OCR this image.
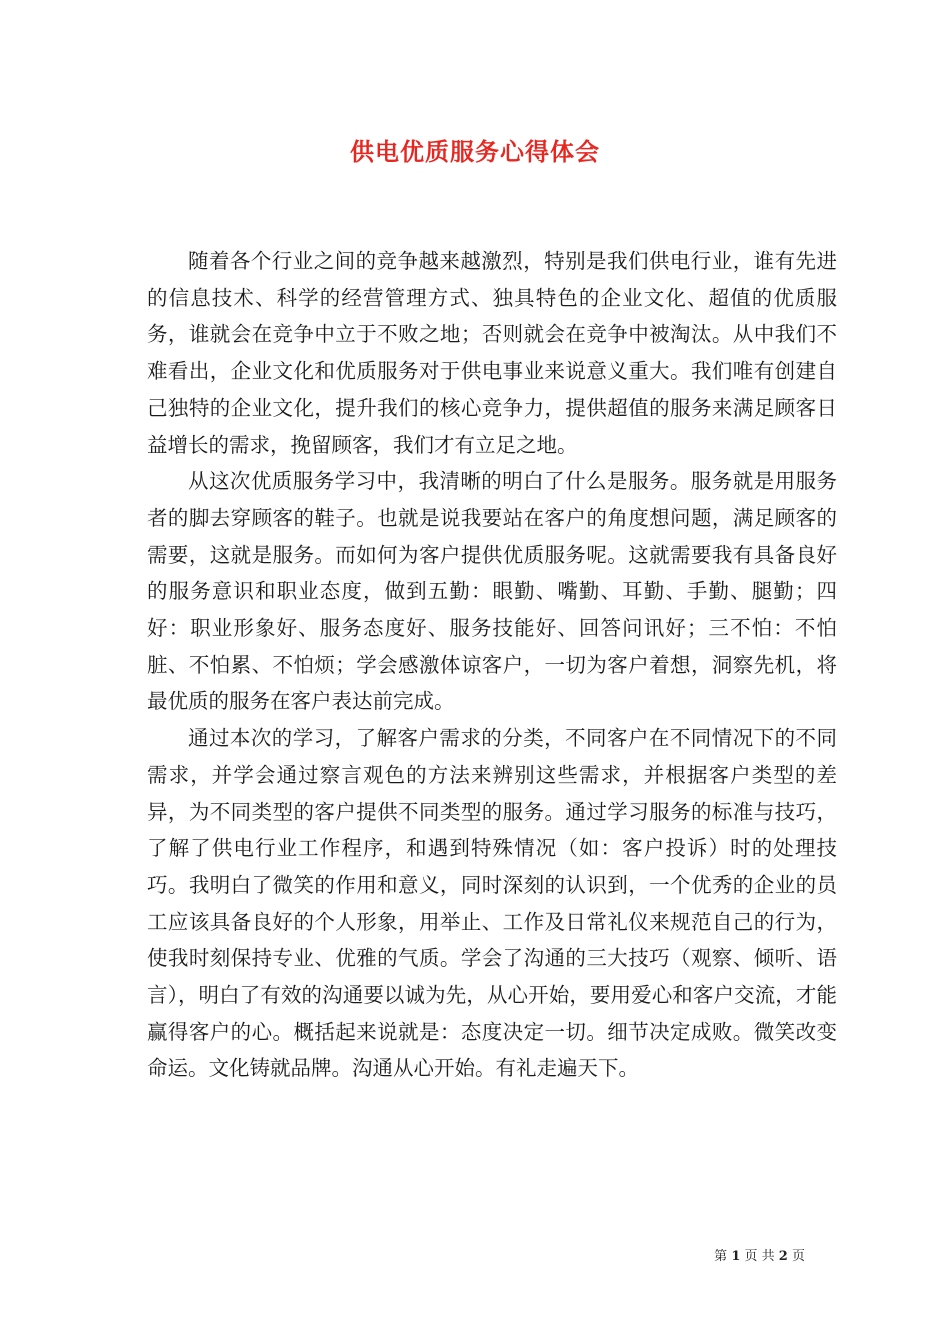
供电优质服务心得体会

随着各个行业之间的竞争越来越激烈，特别是我们供电行业，谁有先进的信息技术、科学的经营管理方式、独具特色的企业文化、超值的优质服务，谁就会在竞争中立于不败之地；否则就会在竞争中被淘汰。从中我们不难看出，企业文化和优质服务对于供电事业来说意义重大。我们唯有创建自己独特的企业文化，提升我们的核心竞争力，提供超值的服务来满足顾客日益增长的需求，挽留顾客，我们才有立足之地。

从这次优质服务学习中，我清晰的明白了什么是服务。服务就是用服务者的脚去穿顾客的鞋子。也就是说我要站在客户的角度想问题，满足顾客的需要，这就是服务。而如何为客户提供优质服务呢。这就需要我有具备良好的服务意识和职业态度，做到五勤：眼勤、嘴勤、耳勤、手勤、腿勤；四好：职业形象好、服务态度好、服务技能好、回答问讯好；三不怕：不怕脏、不怕累、不怕烦；学会感激体谅客户，一切为客户着想，洞察先机，将最优质的服务在客户表达前完成。

通过本次的学习，了解客户需求的分类，不同客户在不同情况下的不同需求，并学会通过察言观色的方法来辨别这些需求，并根据客户类型的差异，为不同类型的客户提供不同类型的服务。通过学习服务的标准与技巧，了解了供电行业工作程序，和遇到特殊情况（如：客户投诉）时的处理技巧。我明白了微笑的作用和意义，同时深刻的认识到，一个优秀的企业的员工应该具备良好的个人形象，用举止、工作及日常礼仪来规范自己的行为，使我时刻保持专业、优雅的气质。学会了沟通的三大技巧（观察、倾听、语言），明白了有效的沟通要以诚为先，从心开始，要用爱心和客户交流，才能赢得客户的心。概括起来说就是：态度决定一切。细节决定成败。微笑改变命运。文化铸就品牌。沟通从心开始。有礼走遍天下。

第 1 页 共 2 页
